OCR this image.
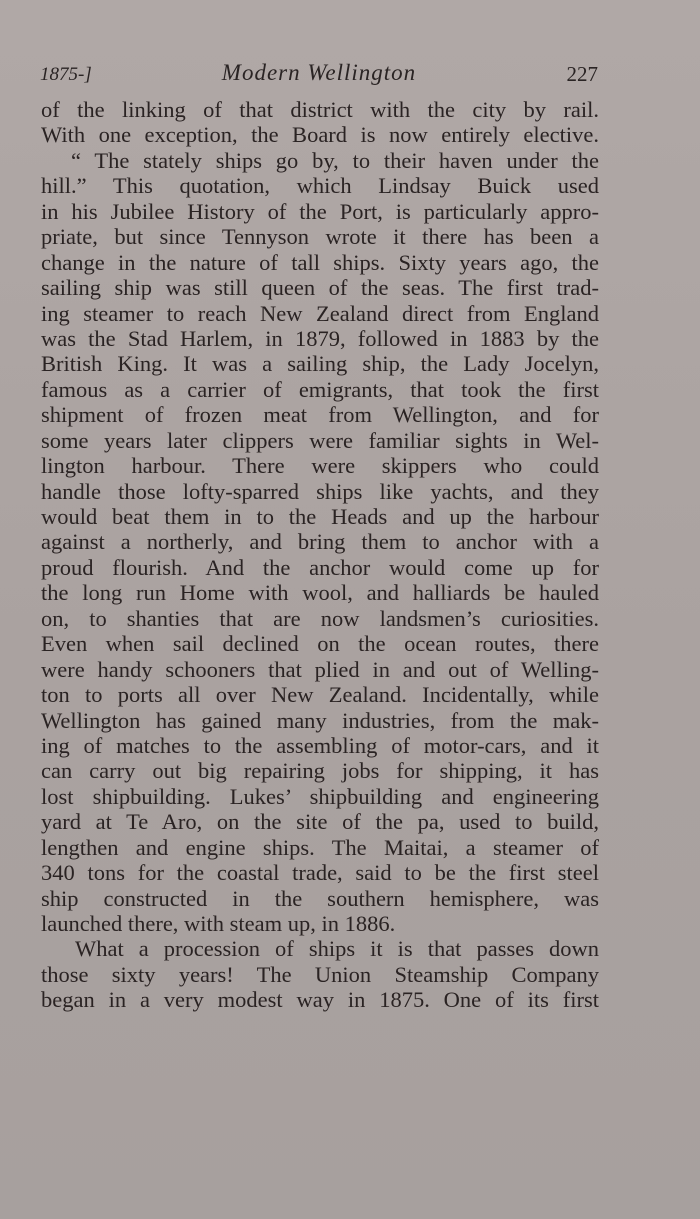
1875-]	Modern Wellington	227
of the linking of that district with the city by rail.
With one exception, the Board is now entirely elective.
“ The stately ships go by, to their haven under the
hill.” This quotation, which Lindsay Buick used
in his Jubilee History of the Port, is particularly appro-
priate, but since Tennyson wrote it there has been a
change in the nature of tall ships. Sixty years ago, the
sailing ship was still queen of the seas. The first trad-
ing steamer to reach New Zealand direct from England
was the Stad Harlem, in 1879, followed in 1883 by the
British King. It was a sailing ship, the Lady Jocelyn,
famous as a carrier of emigrants, that took the first
shipment of frozen meat from Wellington, and for
some years later clippers were familiar sights in Wel-
lington harbour. There were skippers who could
handle those lofty-sparred ships like yachts, and they
would beat them in to the Heads and up the harbour
against a northerly, and bring them to anchor with a
proud flourish. And the anchor would come up for
the long run Home with wool, and halliards be hauled
on, to shanties that are now landsmen’s curiosities.
Even when sail declined on the ocean routes, there
were handy schooners that plied in and out of Welling-
ton to ports all over New Zealand. Incidentally, while
Wellington has gained many industries, from the mak-
ing of matches to the assembling of motor-cars, and it
can carry out big repairing jobs for shipping, it has
lost shipbuilding. Lukes’ shipbuilding and engineering
yard at Te Aro, on the site of the pa, used to build,
lengthen and engine ships. The Maitai, a steamer of
340 tons for the coastal trade, said to be the first steel
ship constructed in the southern hemisphere, was
launched there, with steam up, in 1886.
What a procession of ships it is that passes down
those sixty years! The Union Steamship Company
began in a very modest way in 1875. One of its first
